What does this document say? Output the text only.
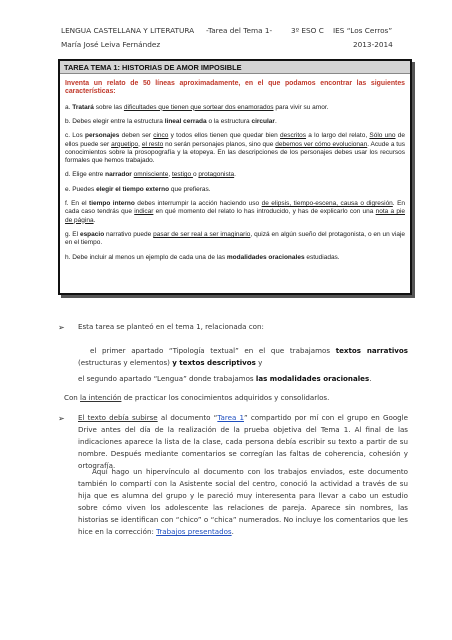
LENGUA CASTELLANA Y LITERATURA -Tarea del Tema 1-	3º ESO C IES “Los Cerros”
María José Leiva Fernández	2013-2014
TAREA TEMA 1: HISTORIAS DE AMOR IMPOSIBLE

Inventa un relato de 50 líneas aproximadamente, en el que podamos encontrar las siguientes características:

a. Tratará sobre las dificultades que tienen que sortear dos enamorados para vivir su amor.

b. Debes elegir entre la estructura lineal cerrada o la estructura circular.

c. Los personajes deben ser cinco y todos ellos tienen que quedar bien descritos a lo largo del relato, Sólo uno de ellos puede ser arquetipo, el resto no serán personajes planos, sino que debemos ver cómo evolucionan. Acude a tus conocimientos sobre la prosopografía y la etopeya. En las descripciones de los personajes debes usar los recursos formales que hemos trabajado.

d. Elige entre narrador omnisciente, testigo o protagonista.

e. Puedes elegir el tiempo externo que prefieras.

f. En el tiempo interno debes interrumpir la acción haciendo uso de elipsis, tiempo-escena, causa o digresión. En cada caso tendrás que indicar en qué momento del relato lo has introducido, y has de explicarlo con una nota a pie de página.

g. El espacio narrativo puede pasar de ser real a ser imaginario, quizá en algún sueño del protagonista, o en un viaje en el tiempo.

h. Debe incluir al menos un ejemplo de cada una de las modalidades oracionales estudiadas.

➢ Esta tarea se planteó en el tema 1, relacionada con:
el primer apartado “Tipología textual” en el que trabajamos textos narrativos (estructuras y elementos) y textos descriptivos y
el segundo apartado “Lengua” donde trabajamos las modalidades oracionales.
Con la intención de practicar los conocimientos adquiridos y consolidarlos.
➢ El texto debía subirse al documento “Tarea 1” compartido por mí con el grupo en Google Drive antes del día de la realización de la prueba objetiva del Tema 1. Al final de las indicaciones aparece la lista de la clase, cada persona debía escribir su texto a partir de su nombre. Después mediante comentarios se corregían las faltas de coherencia, cohesión y ortografía.
Aquí hago un hipervínculo al documento con los trabajos enviados, este documento también lo compartí con la Asistente social del centro, conoció la actividad a través de su hija que es alumna del grupo y le pareció muy interesenta para llevar a cabo un estudio sobre cómo viven los adolescente las relaciones de pareja. Aparece sin nombres, las historias se identifican con “chico” o “chica” numerados. No incluye los comentarios que les hice en la corrección: Trabajos presentados.
